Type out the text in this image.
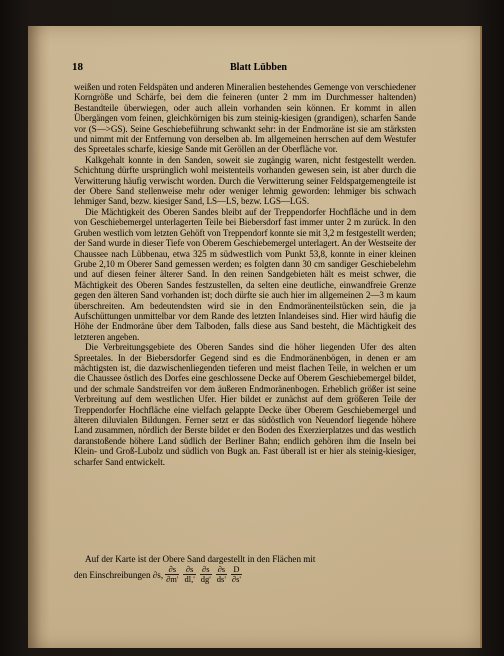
18	Blatt Lübben

weißen und roten Feldspäten und anderen Mineralien bestehendes Gemenge von verschiedener Korngröße und Schärfe, bei dem die feineren (unter 2 mm im Durchmesser haltenden) Bestandteile überwiegen, oder auch allein vorhanden sein können. Er kommt in allen Übergängen vom feinen, gleichkörnigen bis zum steinig-kiesigen (grandigen), scharfen Sande vor (S—>GS). Seine Geschiebeführung schwankt sehr: in der Endmoräne ist sie am stärksten und nimmt mit der Entfernung von derselben ab. Im allgemeinen herrschen auf dem Westufer des Spreetales scharfe, kiesige Sande mit Geröllen an der Oberfläche vor.

Kalkgehalt konnte in den Sanden, soweit sie zugängig waren, nicht festgestellt werden. Schichtung dürfte ursprünglich wohl meistenteils vorhanden gewesen sein, ist aber durch die Verwitterung häufig verwischt worden. Durch die Verwitterung seiner Feldspatgemengteile ist der Obere Sand stellenweise mehr oder weniger lehmig geworden: lehmiger bis schwach lehmiger Sand, bezw. kiesiger Sand, LS—LS, bezw. LGS—LGS.

Die Mächtigkeit des Oberen Sandes bleibt auf der Treppendorfer Hochfläche und in dem von Geschiebemergel unterlagerten Teile bei Biebersdorf fast immer unter 2 m zurück. In den Gruben westlich vom letzten Gehöft von Treppendorf konnte sie mit 3,2 m festgestellt werden; der Sand wurde in dieser Tiefe von Oberem Geschiebemergel unterlagert. An der Westseite der Chaussee nach Lübbenau, etwa 325 m südwestlich vom Punkt 53,8, konnte in einer kleinen Grube 2,10 m Oberer Sand gemessen werden; es folgten dann 30 cm sandiger Geschiebelehm und auf diesen feiner älterer Sand. In den reinen Sandgebieten hält es meist schwer, die Mächtigkeit des Oberen Sandes festzustellen, da selten eine deutliche, einwandfreie Grenze gegen den älteren Sand vorhanden ist; doch dürfte sie auch hier im allgemeinen 2—3 m kaum überschreiten. Am bedeutendsten wird sie in den Endmoränenteilstücken sein, die ja Aufschüttungen unmittelbar vor dem Rande des letzten Inlandeises sind. Hier wird häufig die Höhe der Endmoräne über dem Talboden, falls diese aus Sand besteht, die Mächtigkeit des letzteren angeben.

Die Verbreitungsgebiete des Oberen Sandes sind die höher liegenden Ufer des alten Spreetales. In der Biebersdorfer Gegend sind es die Endmoränenbögen, in denen er am mächtigsten ist, die dazwischenliegenden tieferen und meist flachen Teile, in welchen er um die Chaussee östlich des Dorfes eine geschlossene Decke auf Oberem Geschiebemergel bildet, und der schmale Sandstreifen vor dem äußeren Endmoränenbogen. Erheblich größer ist seine Verbreitung auf dem westlichen Ufer. Hier bildet er zunächst auf dem größeren Teile der Treppendorfer Hochfläche eine vielfach gelappte Decke über Oberem Geschiebemergel und älteren diluvialen Bildungen. Ferner setzt er das südöstlich von Neuendorf liegende höhere Land zusammen, nördlich der Berste bildet er den Boden des Exerzierplatzes und das westlich daranstoßende höhere Land südlich der Berliner Bahn; endlich gehören ihm die Inseln bei Klein- und Groß-Lubolz und südlich von Bugk an. Fast überall ist er hier als steinig-kiesiger, scharfer Sand entwickelt.

Auf der Karte ist der Obere Sand dargestellt in den Flächen mit
den Einschreibungen ∂s, $\frac{\partial s}{\partial m'} \frac{\partial s}{dl,'} \frac{\partial s}{dg'} \frac{\partial s}{ds'} \frac{D}{\partial s'}$
